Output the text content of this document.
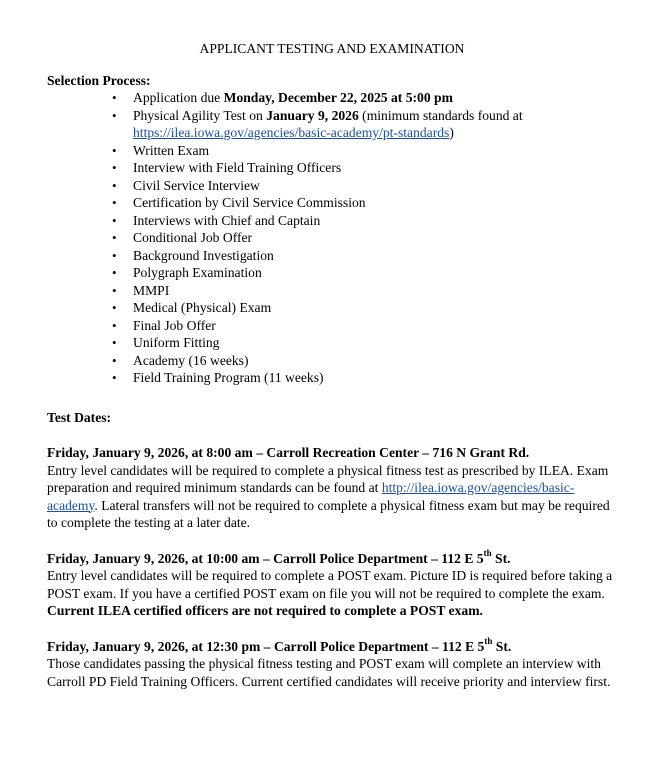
APPLICANT TESTING AND EXAMINATION
Selection Process:
• Application due Monday, December 22, 2025 at 5:00 pm
• Physical Agility Test on January 9, 2026 (minimum standards found at
https://ilea.iowa.gov/agencies/basic-academy/pt-standards)
• Written Exam
• Interview with Field Training Officers
• Civil Service Interview
• Certification by Civil Service Commission
• Interviews with Chief and Captain
• Conditional Job Offer
• Background Investigation
• Polygraph Examination
• MMPI
• Medical (Physical) Exam
• Final Job Offer
• Uniform Fitting
• Academy (16 weeks)
• Field Training Program (11 weeks)
Test Dates:

Friday, January 9, 2026, at 8:00 am – Carroll Recreation Center – 716 N Grant Rd.

Entry level candidates will be required to complete a physical fitness test as prescribed by ILEA. Exam preparation and required minimum standards can be found at http://ilea.iowa.gov/agencies/basic-academy. Lateral transfers will not be required to complete a physical fitness exam but may be required to complete the testing at a later date.

Friday, January 9, 2026, at 10:00 am – Carroll Police Department – 112 E 5th St.

Entry level candidates will be required to complete a POST exam. Picture ID is required before taking a POST exam. If you have a certified POST exam on file you will not be required to complete the exam. Current ILEA certified officers are not required to complete a POST exam.

Friday, January 9, 2026, at 12:30 pm – Carroll Police Department – 112 E 5th St.

Those candidates passing the physical fitness testing and POST exam will complete an interview with Carroll PD Field Training Officers. Current certified candidates will receive priority and interview first.
